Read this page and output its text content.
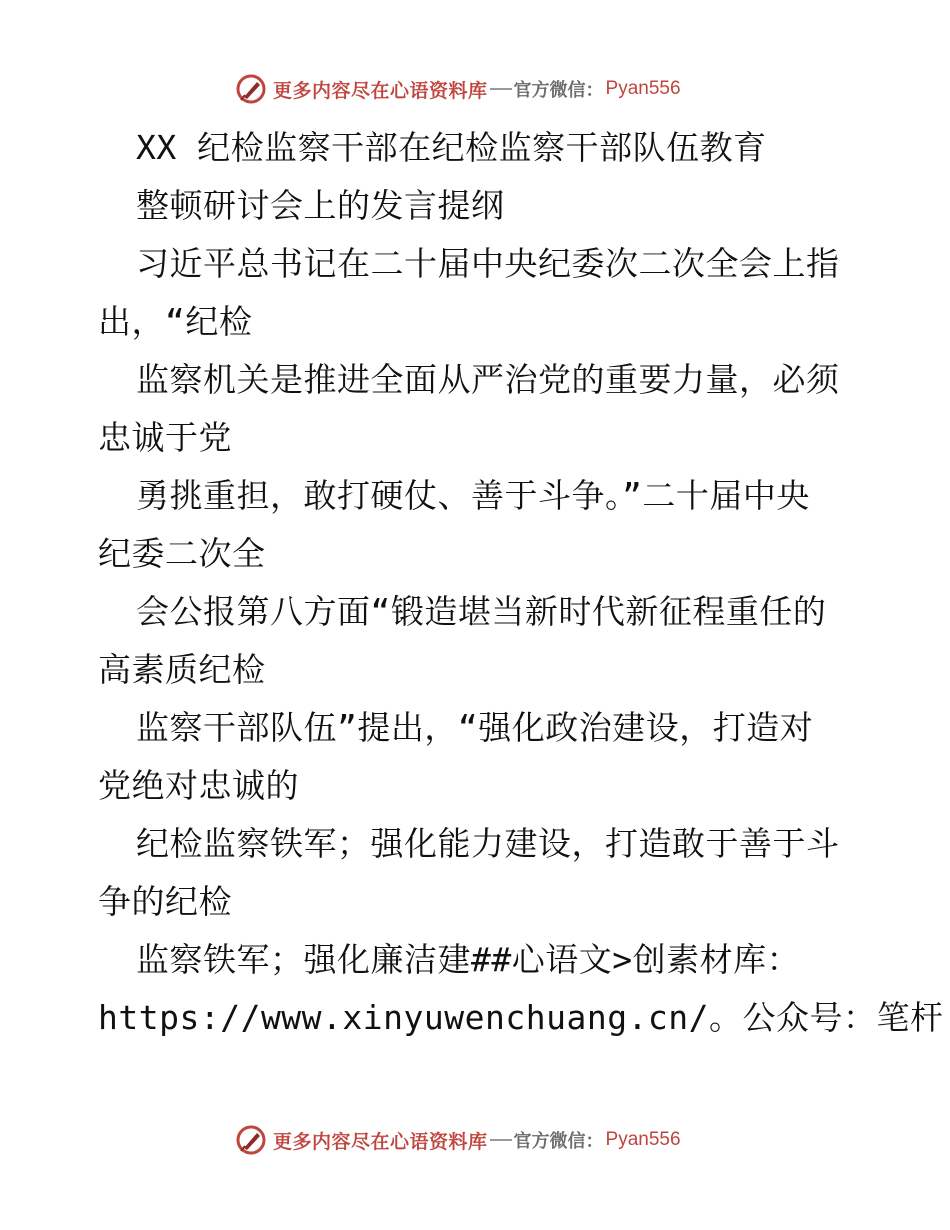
更多内容尽在心语资料库 官方微信： Pyan556
XX 纪检监察干部在纪检监察干部队伍教育
整顿研讨会上的发言提纲
习近平总书记在二十届中央纪委次二次全会上指
出，“纪检
监察机关是推进全面从严治党的重要力量，必须
忠诚于党
勇挑重担，敢打硬仗、善于斗争。”二十届中央
纪委二次全
会公报第八方面“锻造堪当新时代新征程重任的
高素质纪检
监察干部队伍”提出，“强化政治建设，打造对
党绝对忠诚的
纪检监察铁军；强化能力建设，打造敢于善于斗
争的纪检
监察铁军；强化廉洁建##心语文>创素材库：
https://www.xinyuwenchuang.cn/。公众号：笔杆
更多内容尽在心语资料库 官方微信： Pyan556
